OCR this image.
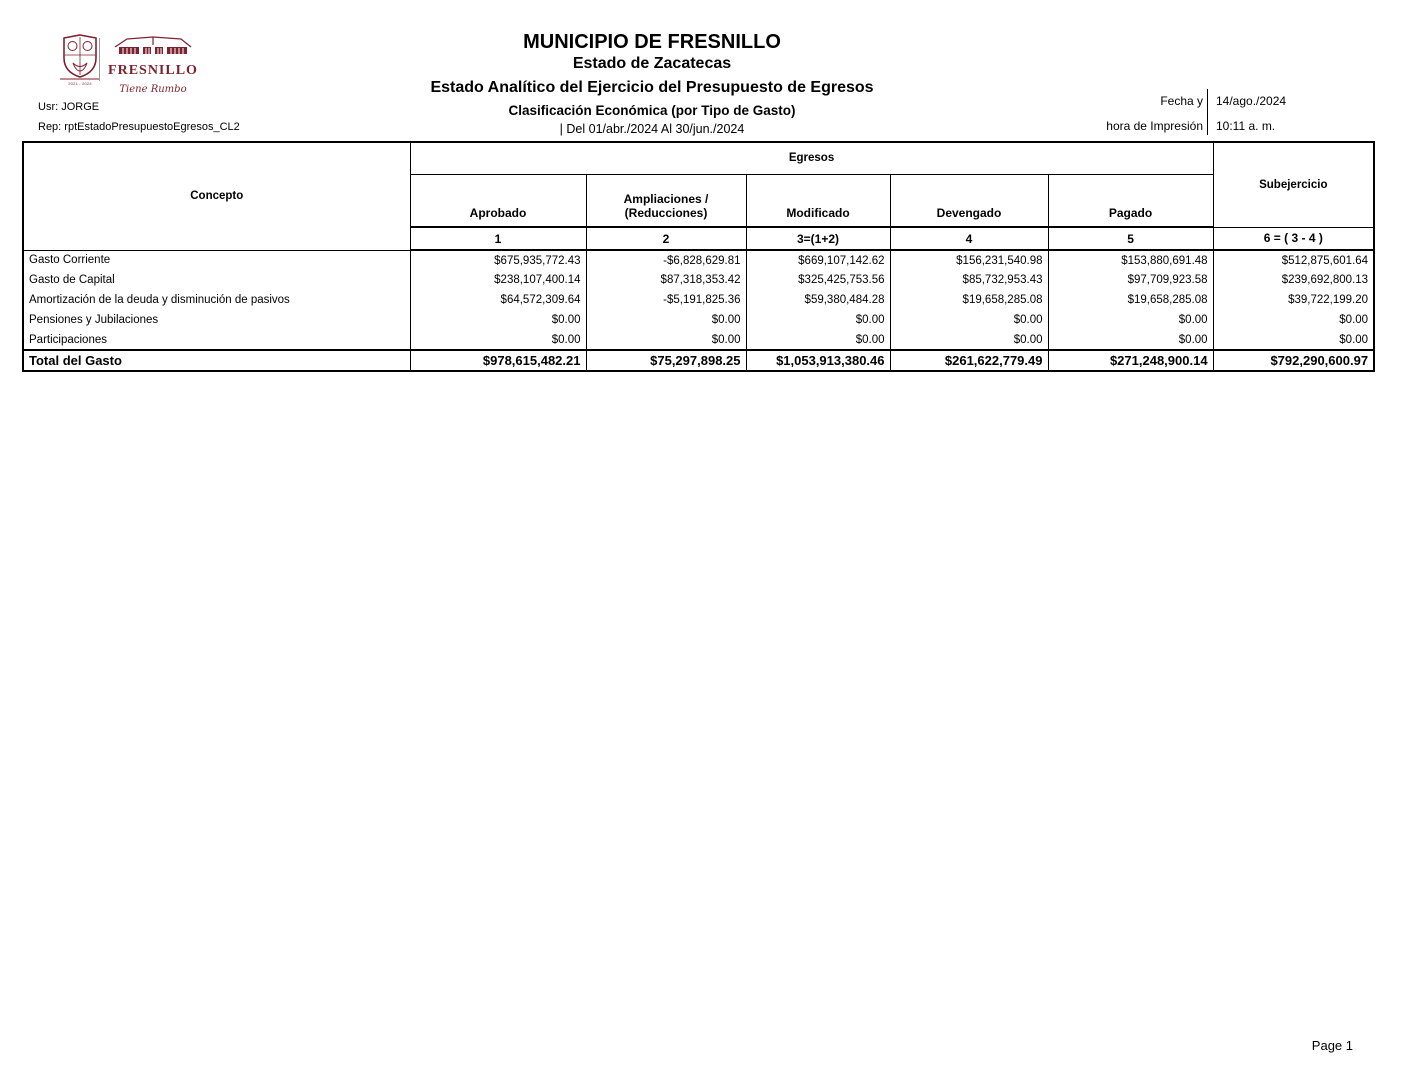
2021 - 2024
FRESNILLO
Tiene Rumbo
Usr: JORGE
Rep: rptEstadoPresupuestoEgresos_CL2
MUNICIPIO DE FRESNILLO
Estado de Zacatecas
Estado Analítico del Ejercicio del Presupuesto de Egresos
Clasificación Económica (por Tipo de Gasto)
| Del 01/abr./2024 Al 30/jun./2024
Fecha y
hora de Impresión
14/ago./2024
10:11 a. m.
Concepto	Egresos					Subejercicio
	Aprobado	Ampliaciones /
(Reducciones)	Modificado	Devengado	Pagado	
	1	2	3=(1+2)	4	5	6 = ( 3 - 4 )
Gasto Corriente	$675,935,772.43	-$6,828,629.81	$669,107,142.62	$156,231,540.98	$153,880,691.48	$512,875,601.64
Gasto de Capital	$238,107,400.14	$87,318,353.42	$325,425,753.56	$85,732,953.43	$97,709,923.58	$239,692,800.13
Amortización de la deuda y disminución de pasivos	$64,572,309.64	-$5,191,825.36	$59,380,484.28	$19,658,285.08	$19,658,285.08	$39,722,199.20
Pensiones y Jubilaciones	$0.00	$0.00	$0.00	$0.00	$0.00	$0.00
Participaciones	$0.00	$0.00	$0.00	$0.00	$0.00	$0.00
Total del Gasto	$978,615,482.21	$75,297,898.25	$1,053,913,380.46	$261,622,779.49	$271,248,900.14	$792,290,600.97
Page 1
